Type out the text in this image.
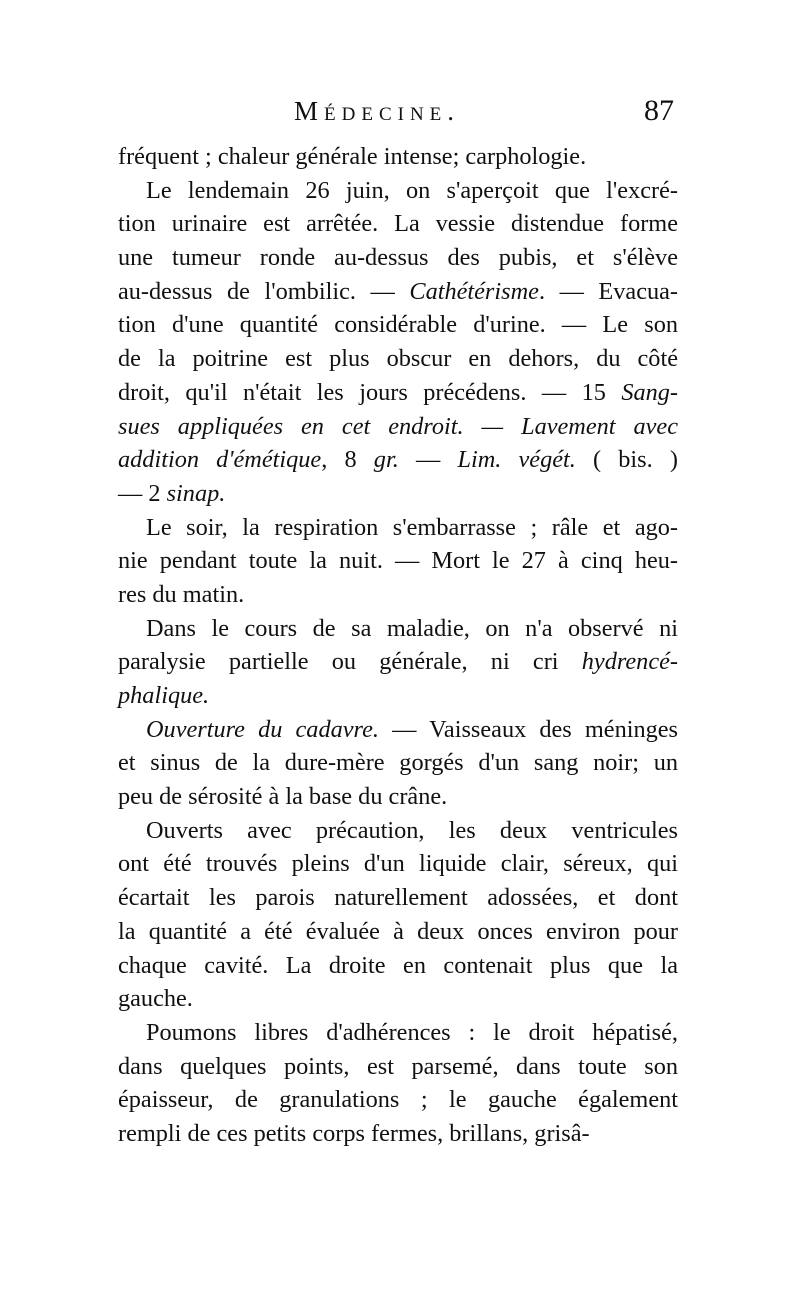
Médecine.	87
fréquent ; chaleur générale intense; carphologie.
Le lendemain 26 juin, on s'aperçoit que l'excré-
tion urinaire est arrêtée. La vessie distendue forme
une tumeur ronde au-dessus des pubis, et s'élève
au-dessus de l'ombilic. — Cathétérisme. — Evacua-
tion d'une quantité considérable d'urine. — Le son
de la poitrine est plus obscur en dehors, du côté
droit, qu'il n'était les jours précédens. — 15 Sang-
sues appliquées en cet endroit. — Lavement avec
addition d'émétique, 8 gr. — Lim. végét. ( bis. )
— 2 sinap.
Le soir, la respiration s'embarrasse ; râle et ago-
nie pendant toute la nuit. — Mort le 27 à cinq heu-
res du matin.
Dans le cours de sa maladie, on n'a observé ni
paralysie partielle ou générale, ni cri hydrencé-
phalique.
Ouverture du cadavre. — Vaisseaux des méninges
et sinus de la dure-mère gorgés d'un sang noir; un
peu de sérosité à la base du crâne.
Ouverts avec précaution, les deux ventricules
ont été trouvés pleins d'un liquide clair, séreux, qui
écartait les parois naturellement adossées, et dont
la quantité a été évaluée à deux onces environ pour
chaque cavité. La droite en contenait plus que la
gauche.
Poumons libres d'adhérences : le droit hépatisé,
dans quelques points, est parsemé, dans toute son
épaisseur, de granulations ; le gauche également
rempli de ces petits corps fermes, brillans, grisâ-
